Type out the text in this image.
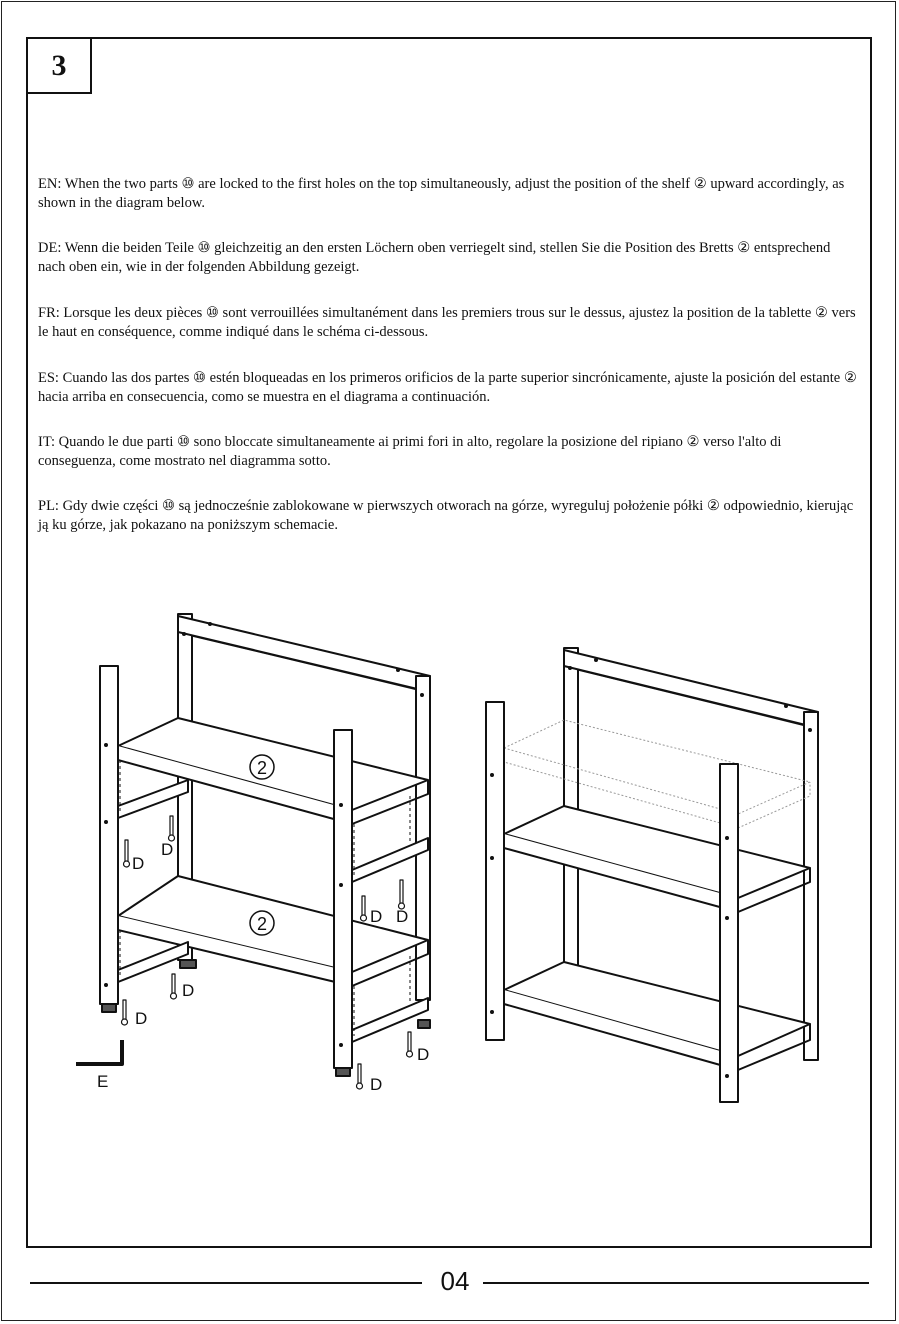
3

EN: When the two parts ⑩ are locked to the first holes on the top simultaneously, adjust the position of the shelf ② upward accordingly, as shown in the diagram below.

DE: Wenn die beiden Teile ⑩ gleichzeitig an den ersten Löchern oben verriegelt sind, stellen Sie die Position des Bretts ② entsprechend nach oben ein, wie in der folgenden Abbildung gezeigt.

FR: Lorsque les deux pièces ⑩ sont verrouillées simultanément dans les premiers trous sur le dessus, ajustez la position de la tablette ② vers le haut en conséquence, comme indiqué dans le schéma ci-dessous.

ES: Cuando las dos partes ⑩ estén bloqueadas en los primeros orificios de la parte superior sincrónicamente, ajuste la posición del estante ② hacia arriba en consecuencia, como se muestra en el diagrama a continuación.

IT: Quando le due parti ⑩ sono bloccate simultaneamente ai primi fori in alto, regolare la posizione del ripiano ② verso l'alto di conseguenza, come mostrato nel diagramma sotto.

PL: Gdy dwie części ⑩ są jednocześnie zablokowane w pierwszych otworach na górze, wyreguluj położenie półki ② odpowiednio, kierując ją ku górze, jak pokazano na poniższym schemacie.

2
2
D
D
D D
D
D
D
D
E
04
